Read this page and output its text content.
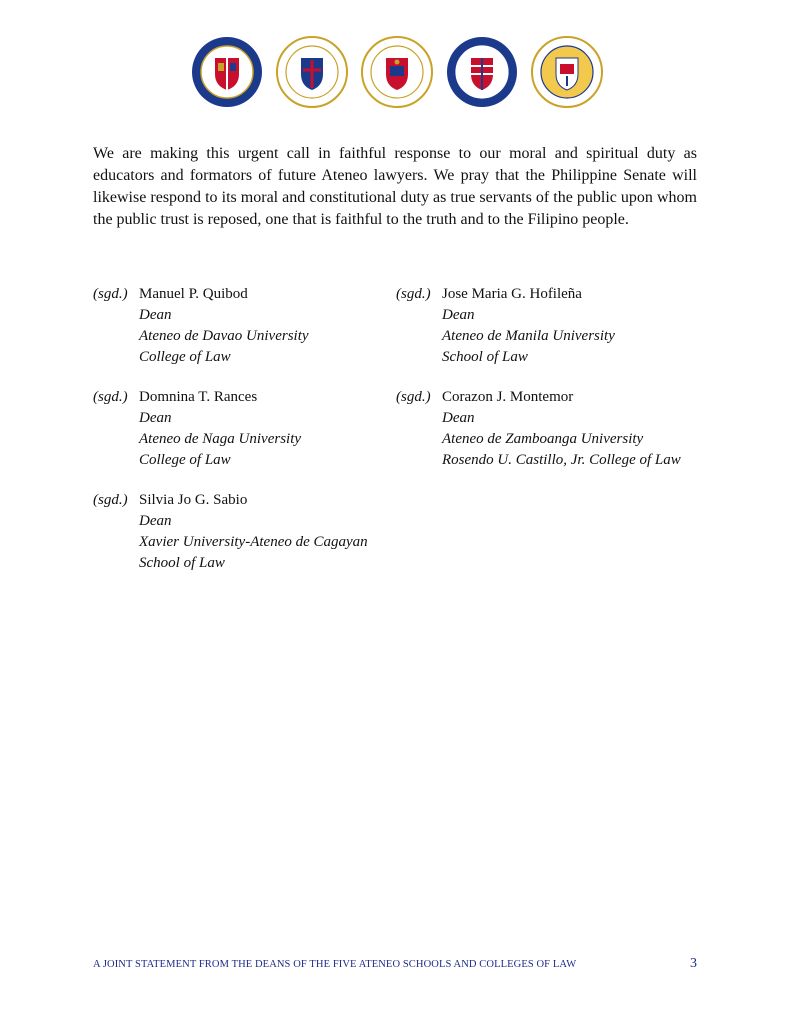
We are making this urgent call in faithful response to our moral and spiritual duty as educators and formators of future Ateneo lawyers. We pray that the Philippine Senate will likewise respond to its moral and constitutional duty as true servants of the public upon whom the public trust is reposed, one that is faithful to the truth and to the Filipino people.

(sgd.) Manuel P. Quibod
Dean
Ateneo de Davao University
College of Law
(sgd.) Jose Maria G. Hofileña
Dean
Ateneo de Manila University
School of Law
(sgd.) Domnina T. Rances
Dean
Ateneo de Naga University
College of Law
(sgd.) Corazon J. Montemor
Dean
Ateneo de Zamboanga University
Rosendo U. Castillo, Jr. College of Law
(sgd.) Silvia Jo G. Sabio
Dean
Xavier University-Ateneo de Cagayan
School of Law
A JOINT STATEMENT FROM THE DEANS OF THE FIVE ATENEO SCHOOLS AND COLLEGES OF LAW	3
